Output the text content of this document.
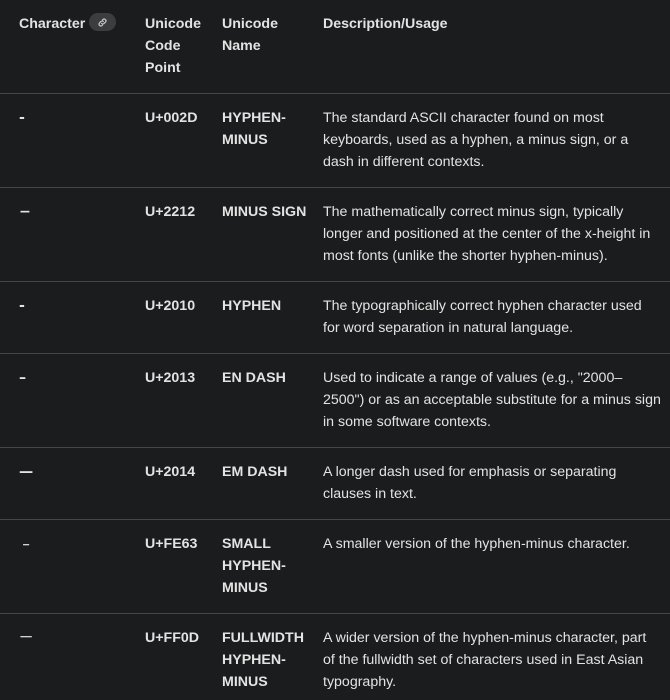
Character	Unicode Code Point	Unicode Name	Description/Usage
-	U+002D	HYPHEN-MINUS	The standard ASCII character found on most keyboards, used as a hyphen, a minus sign, or a dash in different contexts.
−	U+2212	MINUS SIGN	The mathematically correct minus sign, typically longer and positioned at the center of the x-height in most fonts (unlike the shorter hyphen-minus).
‐	U+2010	HYPHEN	The typographically correct hyphen character used for word separation in natural language.
–	U+2013	EN DASH	Used to indicate a range of values (e.g., "2000–2500") or as an acceptable substitute for a minus sign in some software contexts.
—	U+2014	EM DASH	A longer dash used for emphasis or separating clauses in text.
﹣	U+FE63	SMALL HYPHEN-MINUS	A smaller version of the hyphen-minus character.
－	U+FF0D	FULLWIDTH HYPHEN-MINUS	A wider version of the hyphen-minus character, part of the fullwidth set of characters used in East Asian typography.
